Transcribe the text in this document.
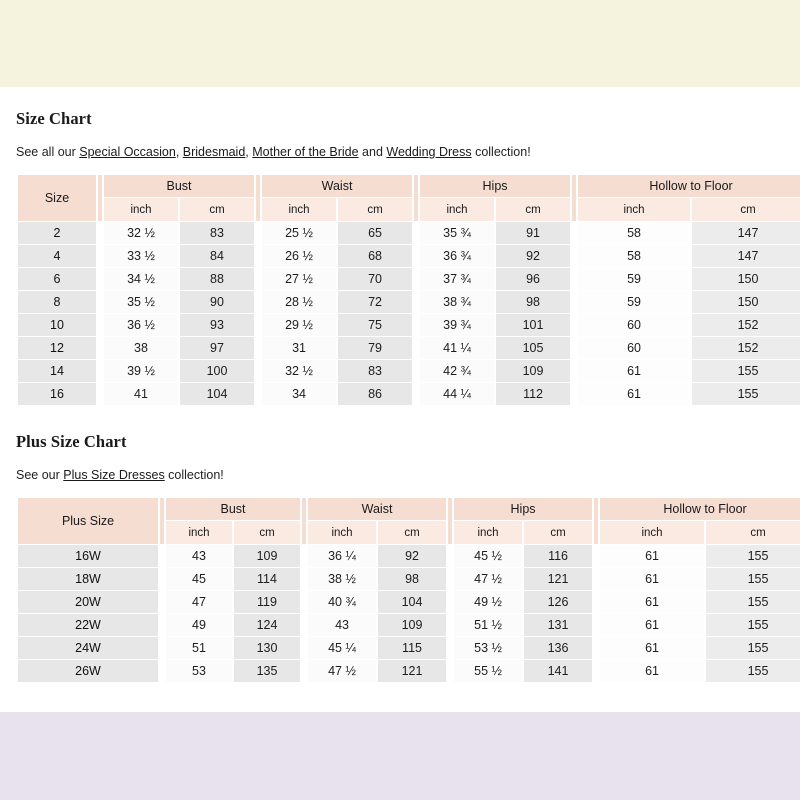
Size Chart

See all our Special Occasion, Bridesmaid, Mother of the Bride and Wedding Dress collection!

Size		Bust			Waist			Hips			Hollow to Floor	
		inch	cm		inch	cm		inch	cm		inch	cm
2		32 ½	83		25 ½	65		35 ¾	91		58	147
4		33 ½	84		26 ½	68		36 ¾	92		58	147
6		34 ½	88		27 ½	70		37 ¾	96		59	150
8		35 ½	90		28 ½	72		38 ¾	98		59	150
10		36 ½	93		29 ½	75		39 ¾	101		60	152
12		38	97		31	79		41 ¼	105		60	152
14		39 ½	100		32 ½	83		42 ¾	109		61	155
16		41	104		34	86		44 ¼	112		61	155
Plus Size Chart

See our Plus Size Dresses collection!

Plus Size		Bust			Waist			Hips			Hollow to Floor	
		inch	cm		inch	cm		inch	cm		inch	cm
16W		43	109		36 ¼	92		45 ½	116		61	155
18W		45	114		38 ½	98		47 ½	121		61	155
20W		47	119		40 ¾	104		49 ½	126		61	155
22W		49	124		43	109		51 ½	131		61	155
24W		51	130		45 ¼	115		53 ½	136		61	155
26W		53	135		47 ½	121		55 ½	141		61	155
